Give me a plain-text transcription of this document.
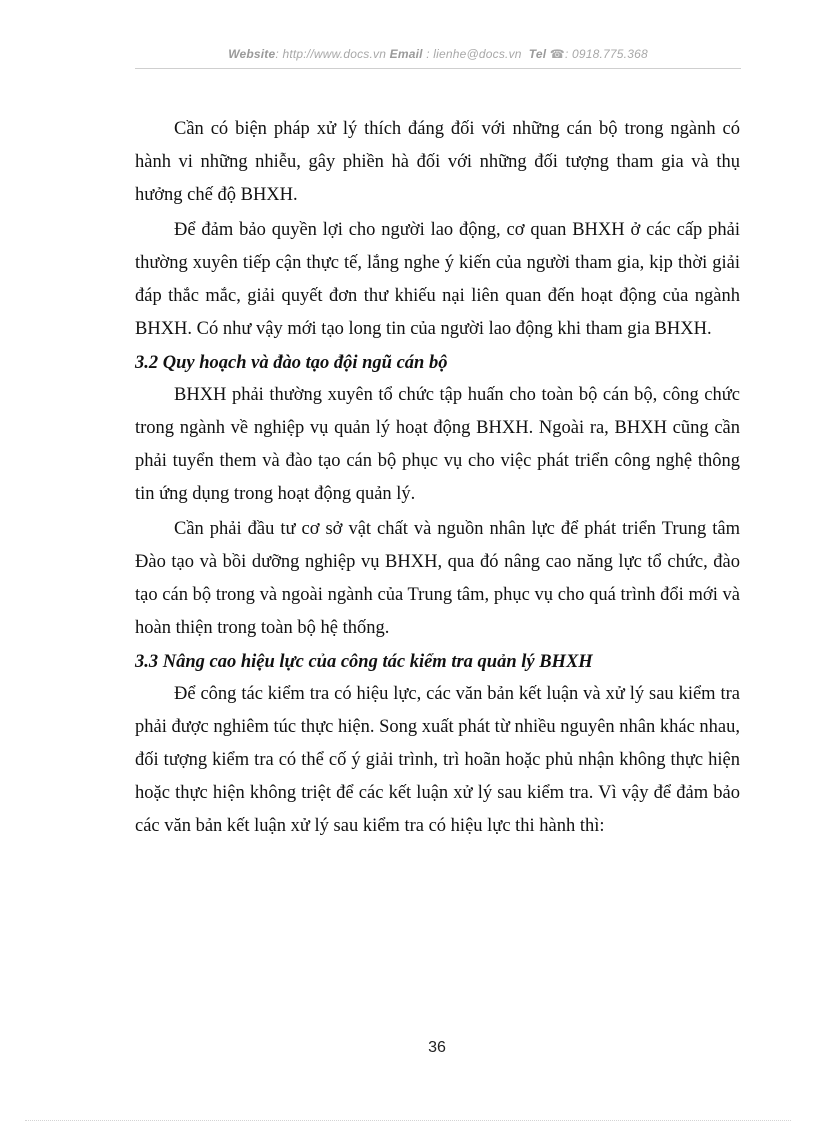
Website: http://www.docs.vn Email : lienhe@docs.vn Tel ☎: 0918.775.368

Cần có biện pháp xử lý thích đáng đối với những cán bộ trong ngành có hành vi những nhiễu, gây phiền hà đối với những đối tượng tham gia và thụ hưởng chế độ BHXH.

Để đảm bảo quyền lợi cho người lao động, cơ quan BHXH ở các cấp phải thường xuyên tiếp cận thực tế, lắng nghe ý kiến của người tham gia, kịp thời giải đáp thắc mắc, giải quyết đơn thư khiếu nại liên quan đến hoạt động của ngành BHXH. Có như vậy mới tạo long tin của người lao động khi tham gia BHXH.

3.2 Quy hoạch và đào tạo đội ngũ cán bộ

BHXH phải thường xuyên tổ chức tập huấn cho toàn bộ cán bộ, công chức trong ngành về nghiệp vụ quản lý hoạt động BHXH. Ngoài ra, BHXH cũng cần phải tuyển them và đào tạo cán bộ phục vụ cho việc phát triển công nghệ thông tin ứng dụng trong hoạt động quản lý.

Cần phải đầu tư cơ sở vật chất và nguồn nhân lực để phát triển Trung tâm Đào tạo và bồi dưỡng nghiệp vụ BHXH, qua đó nâng cao năng lực tổ chức, đào tạo cán bộ trong và ngoài ngành của Trung tâm, phục vụ cho quá trình đổi mới và hoàn thiện trong toàn bộ hệ thống.

3.3 Nâng cao hiệu lực của công tác kiểm tra quản lý BHXH

Để công tác kiểm tra có hiệu lực, các văn bản kết luận và xử lý sau kiểm tra phải được nghiêm túc thực hiện. Song xuất phát từ nhiều nguyên nhân khác nhau, đối tượng kiểm tra có thể cố ý giải trình, trì hoãn hoặc phủ nhận không thực hiện hoặc thực hiện không triệt để các kết luận xử lý sau kiểm tra. Vì vậy để đảm bảo các văn bản kết luận xử lý sau kiểm tra có hiệu lực thi hành thì:

36
